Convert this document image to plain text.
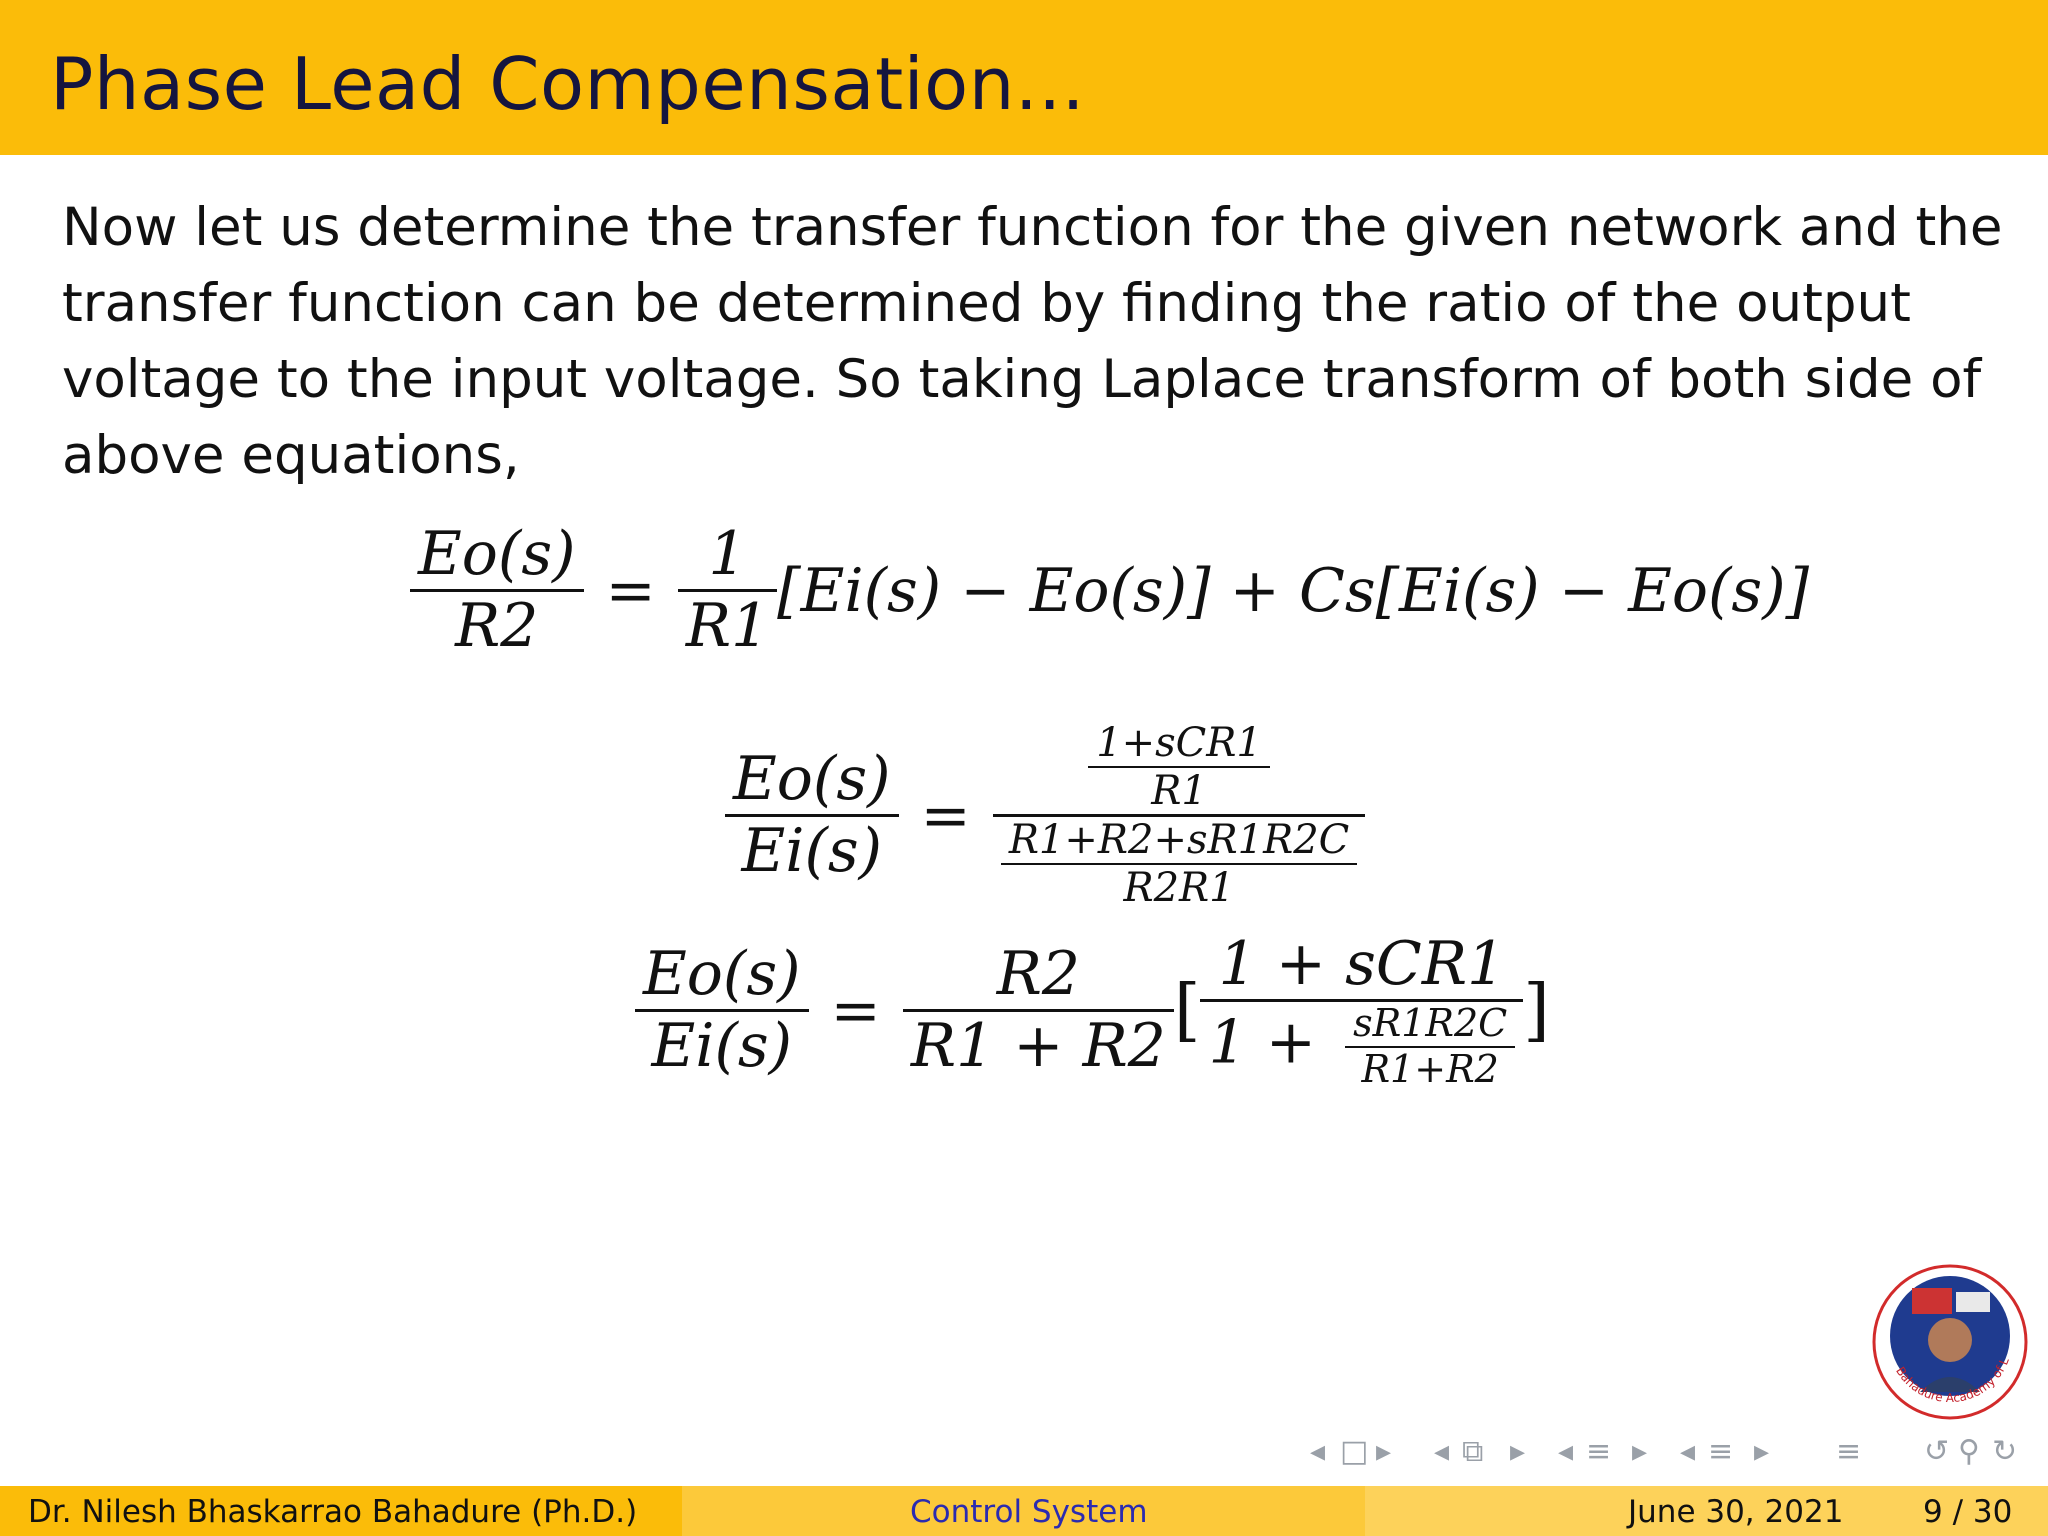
Phase Lead Compensation...
Now let us determine the transfer function for the given network and the
transfer function can be determined by finding the ratio of the output
voltage to the input voltage. So taking Laplace transform of both side of
above equations,
$\frac{Eo(s)}{R2} = \frac{1}{R1} [Ei(s) - Eo(s)] + Cs[Ei(s) - Eo(s)]$
$\frac{Eo(s)}{Ei(s)} = \frac{\frac{\text{1+sCR1}}{R1}}{\frac{R1+R2+sR1R2C}{R2R1}}$
$\frac{Eo(s)}{Ei(s)} = \frac{R2}{R1 + R2}$ [ $\frac{\text{1 + sCR1}}{1 + \frac{sR1R2C}{R1+R2}}$ ]
Bahadure Academy of L
◂ □ ▸ ◂ ⧉ ▸ ◂ ≡ ▸ ◂ ≡ ▸ ≡ ↺ ⚲ ↻
Dr. Nilesh Bhaskarrao Bahadure (Ph.D.)	Control System	June 30, 2021	9 / 30
